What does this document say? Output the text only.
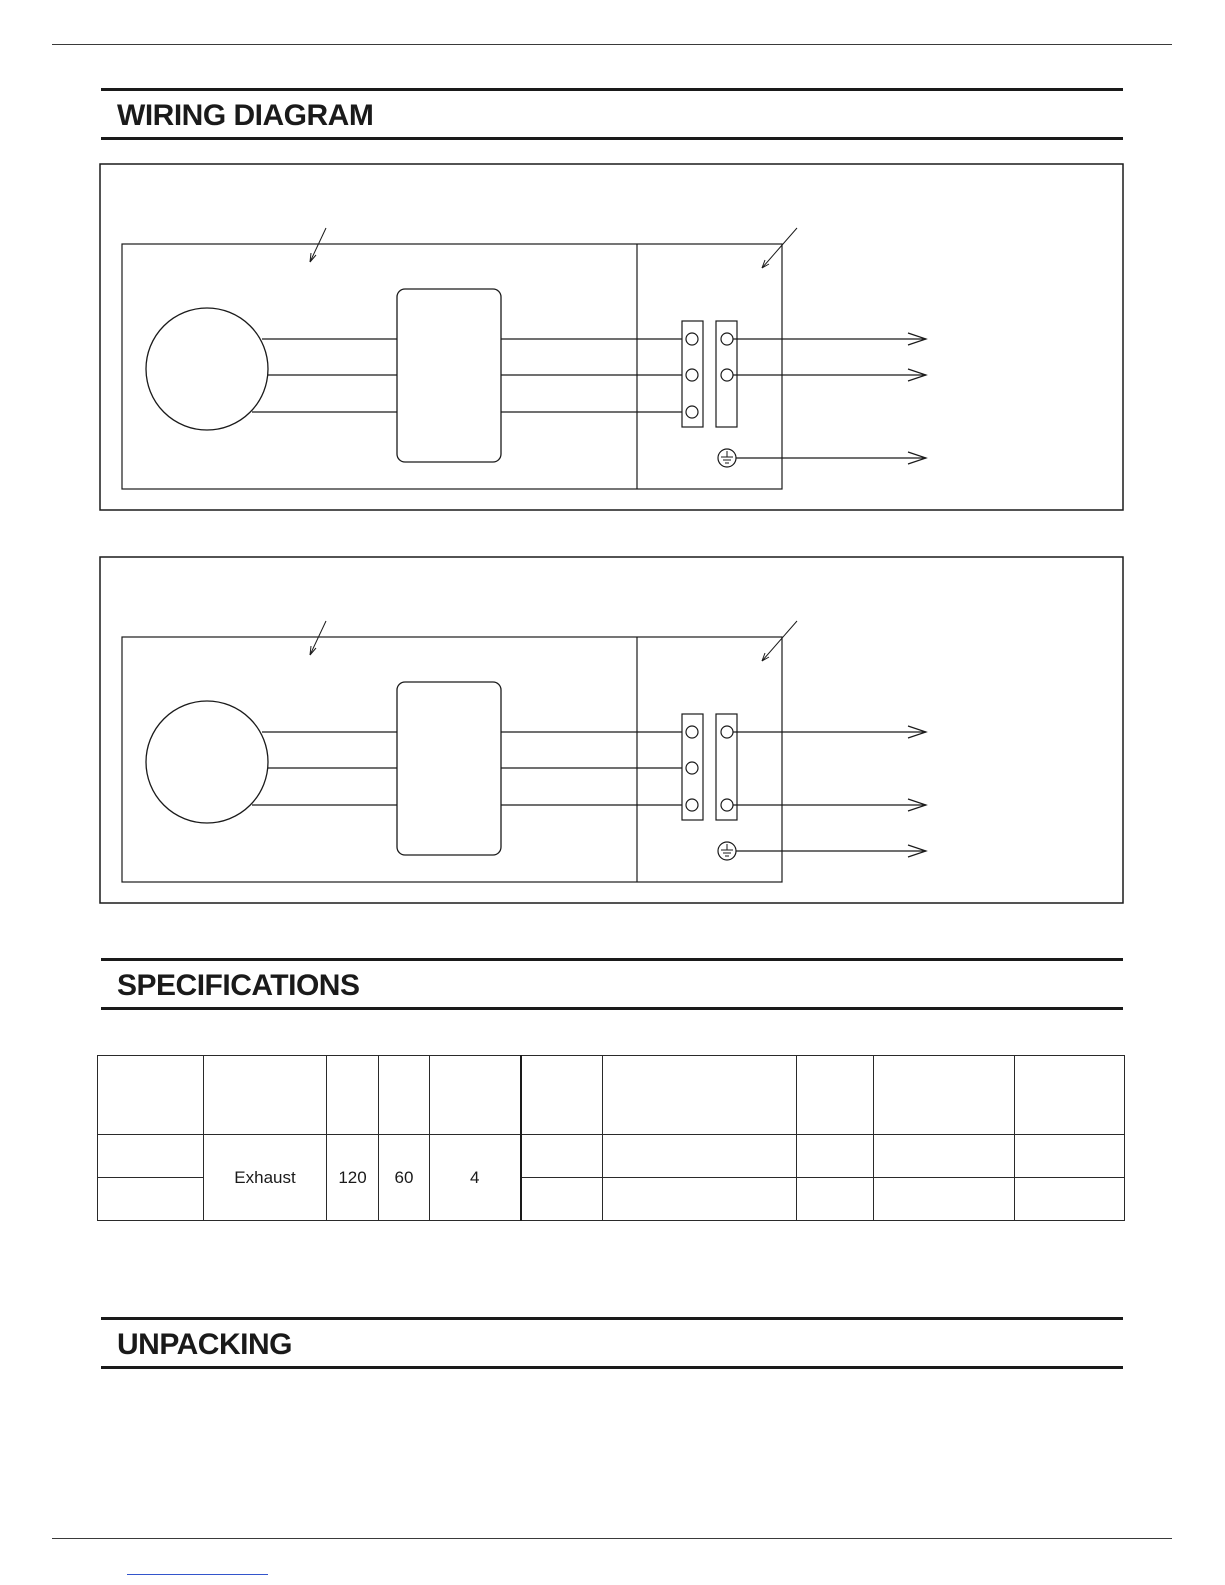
WIRING DIAGRAM
SPECIFICATIONS

	Exhaust	120	60	4					

UNPACKING
